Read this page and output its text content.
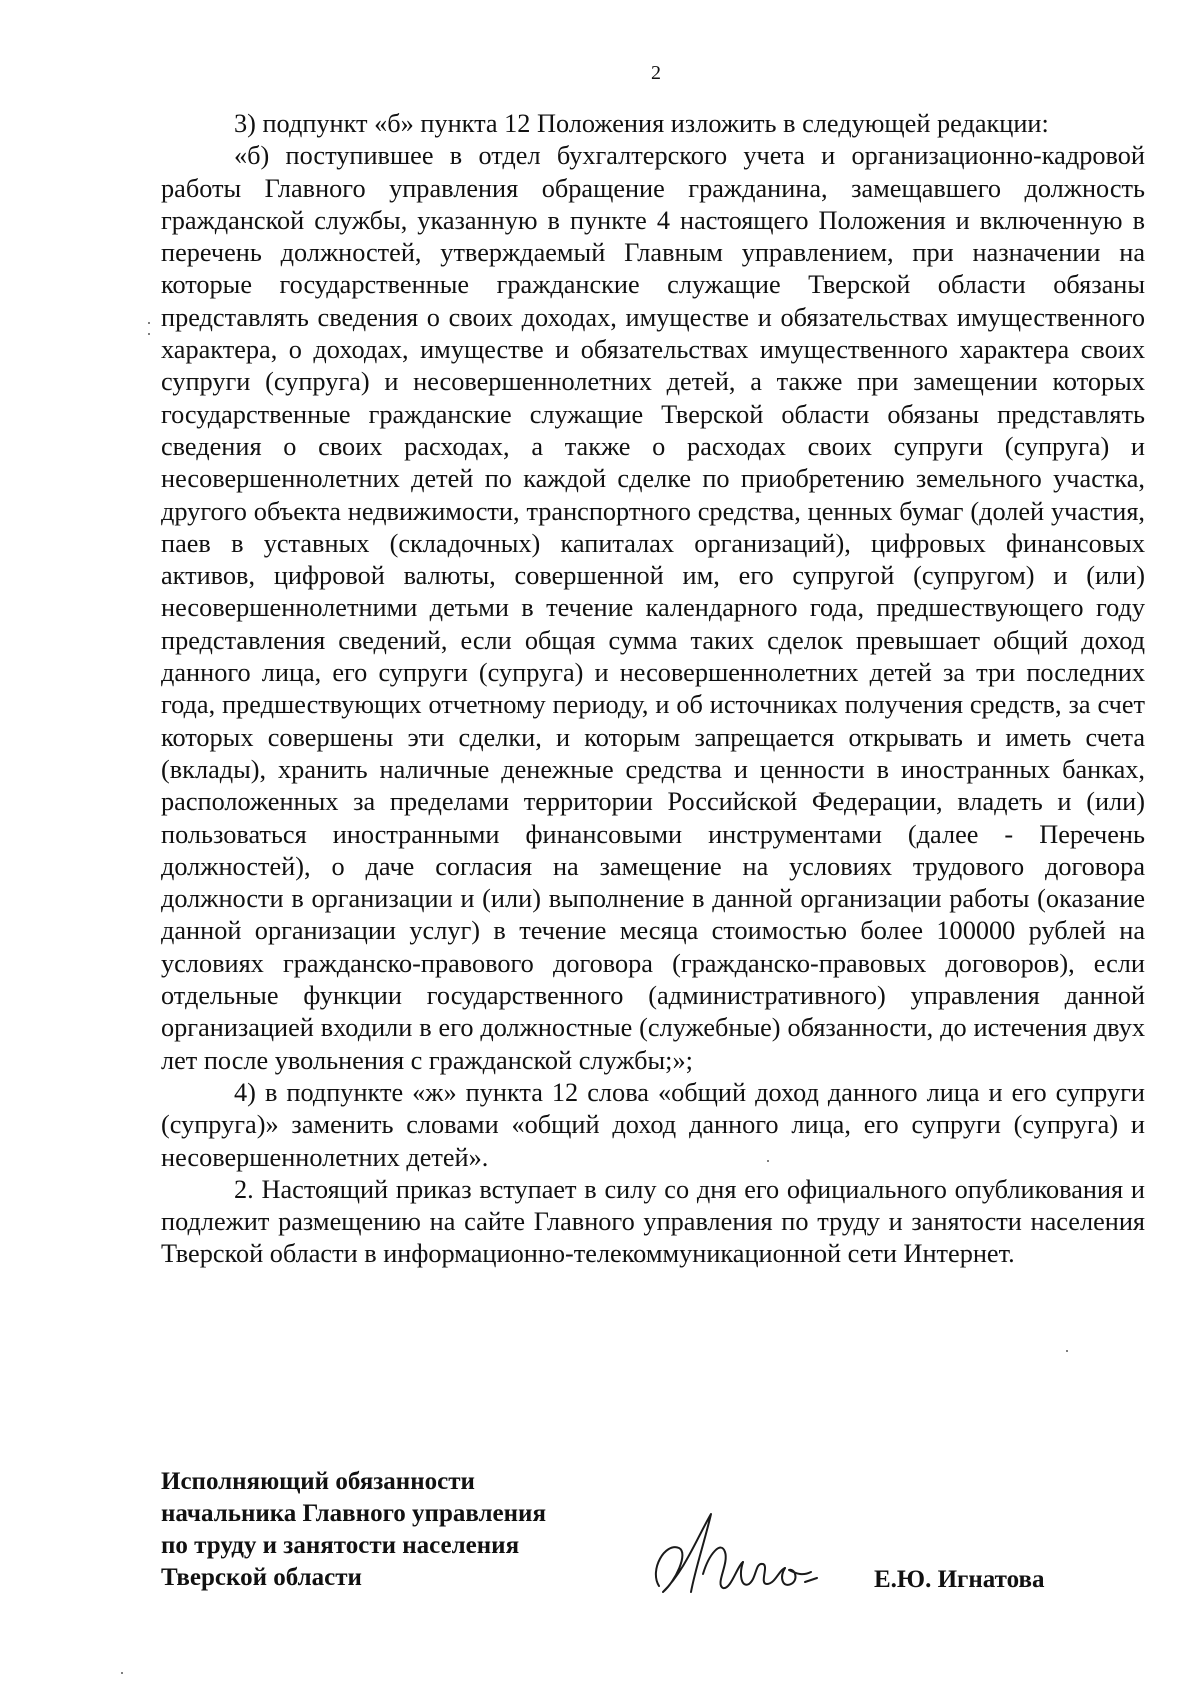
2

3) подпункт «б» пункта 12 Положения изложить в следующей редакции:

«б) поступившее в отдел бухгалтерского учета и организационно-кадровой работы Главного управления обращение гражданина, замещавшего должность гражданской службы, указанную в пункте 4 настоящего Положения и включенную в перечень должностей, утверждаемый Главным управлением, при назначении на которые государственные гражданские служащие Тверской области обязаны представлять сведения о своих доходах, имуществе и обязательствах имущественного характера, о доходах, имуществе и обязательствах имущественного характера своих супруги (супруга) и несовершеннолетних детей, а также при замещении которых государственные гражданские служащие Тверской области обязаны представлять сведения о своих расходах, а также о расходах своих супруги (супруга) и несовершеннолетних детей по каждой сделке по приобретению земельного участка, другого объекта недвижимости, транспортного средства, ценных бумаг (долей участия, паев в уставных (складочных) капиталах организаций), цифровых финансовых активов, цифровой валюты, совершенной им, его супругой (супругом) и (или) несовершеннолетними детьми в течение календарного года, предшествующего году представления сведений, если общая сумма таких сделок превышает общий доход данного лица, его супруги (супруга) и несовершеннолетних детей за три последних года, предшествующих отчетному периоду, и об источниках получения средств, за счет которых совершены эти сделки, и которым запрещается открывать и иметь счета (вклады), хранить наличные денежные средства и ценности в иностранных банках, расположенных за пределами территории Российской Федерации, владеть и (или) пользоваться иностранными финансовыми инструментами (далее - Перечень должностей), о даче согласия на замещение на условиях трудового договора должности в организации и (или) выполнение в данной организации работы (оказание данной организации услуг) в течение месяца стоимостью более 100000 рублей на условиях гражданско-правового договора (гражданско-правовых договоров), если отдельные функции государственного (административного) управления данной организацией входили в его должностные (служебные) обязанности, до истечения двух лет после увольнения с гражданской службы;»;

4) в подпункте «ж» пункта 12 слова «общий доход данного лица и его супруги (супруга)» заменить словами «общий доход данного лица, его супруги (супруга) и несовершеннолетних детей».

2. Настоящий приказ вступает в силу со дня его официального опубликования и подлежит размещению на сайте Главного управления по труду и занятости населения Тверской области в информационно-телекоммуникационной сети Интернет.

Исполняющий обязанности
начальника Главного управления
по труду и занятости населения
Тверской области	Е.Ю. Игнатова
